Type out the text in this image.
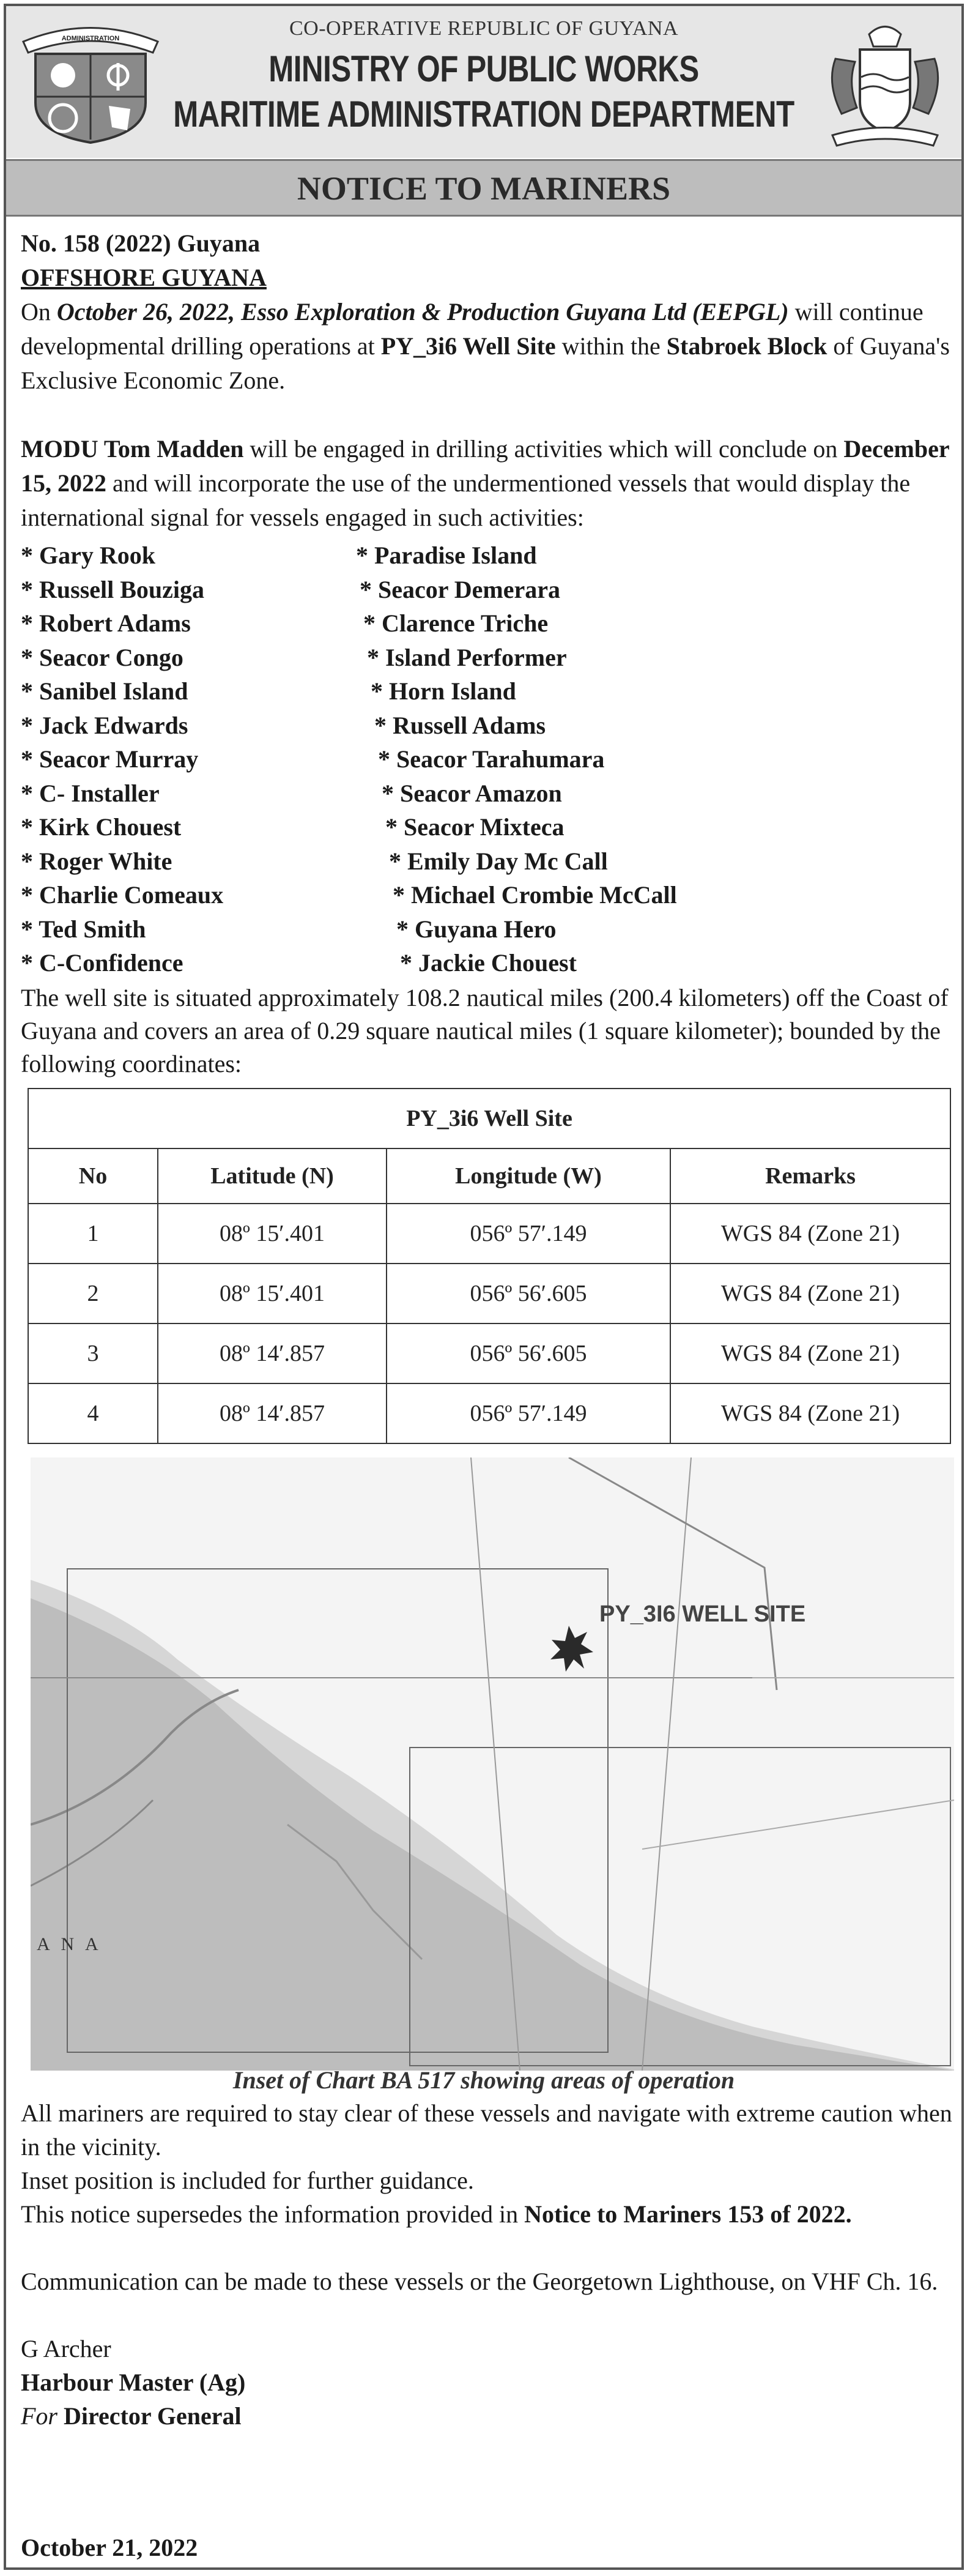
ADMINISTRATION	CO-OPERATIVE REPUBLIC OF GUYANA
MINISTRY OF PUBLIC WORKS
MARITIME ADMINISTRATION DEPARTMENT
NOTICE TO MARINERS

No. 158 (2022) Guyana

OFFSHORE GUYANA

On October 26, 2022, Esso Exploration & Production Guyana Ltd (EEPGL) will continue developmental drilling operations at PY_3i6 Well Site within the Stabroek Block of Guyana's Exclusive Economic Zone.

MODU Tom Madden will be engaged in drilling activities which will conclude on December 15, 2022 and will incorporate the use of the undermentioned vessels that would display the international signal for vessels engaged in such activities:

* Gary Rook	* Paradise Island
* Russell Bouziga	* Seacor Demerara
* Robert Adams	* Clarence Triche
* Seacor Congo	* Island Performer
* Sanibel Island	* Horn Island
* Jack Edwards	* Russell Adams
* Seacor Murray	* Seacor Tarahumara
* C- Installer	* Seacor Amazon
* Kirk Chouest	* Seacor Mixteca
* Roger White	* Emily Day Mc Call
* Charlie Comeaux	* Michael Crombie McCall
* Ted Smith	* Guyana Hero
* C-Confidence	* Jackie Chouest
The well site is situated approximately 108.2 nautical miles (200.4 kilometers) off the Coast of Guyana and covers an area of 0.29 square nautical miles (1 square kilometer); bounded by the following coordinates:
PY_3i6 Well Site			
No	Latitude (N)	Longitude (W)	Remarks
1	08º 15′.401	056º 57′.149	WGS 84 (Zone 21)
2	08º 15′.401	056º 56′.605	WGS 84 (Zone 21)
3	08º 14′.857	056º 56′.605	WGS 84 (Zone 21)
4	08º 14′.857	056º 57′.149	WGS 84 (Zone 21)
PY_3I6 WELL SITE
A N A
Inset of Chart BA 517 showing areas of operation

All mariners are required to stay clear of these vessels and navigate with extreme caution when in the vicinity.

Inset position is included for further guidance.

This notice supersedes the information provided in Notice to Mariners 153 of 2022.

Communication can be made to these vessels or the Georgetown Lighthouse, on VHF Ch. 16.

G Archer

Harbour Master (Ag)

For Director General

October 21, 2022
